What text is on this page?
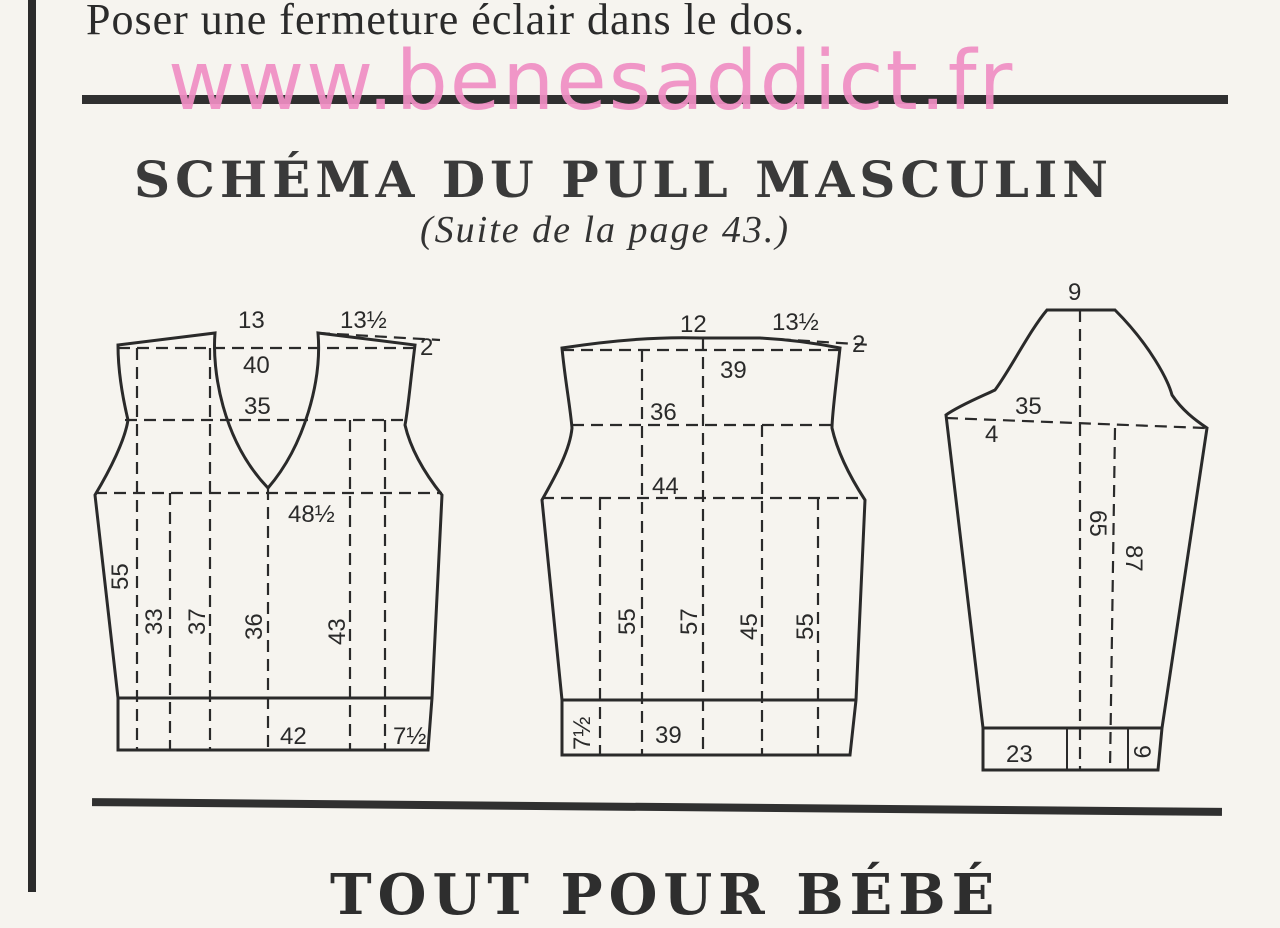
Poser une fermeture éclair dans le dos.
www.benesaddict.fr
SCHÉMA DU PULL MASCULIN
(Suite de la page 43.)
13	13½
2
40
35
48½
55
33 37 36 43
42	7½
12	13½
2
39
36
44
55 57 45 55
7½ 39
9
35
4
65
87
23	9
TOUT POUR BÉBÉ
